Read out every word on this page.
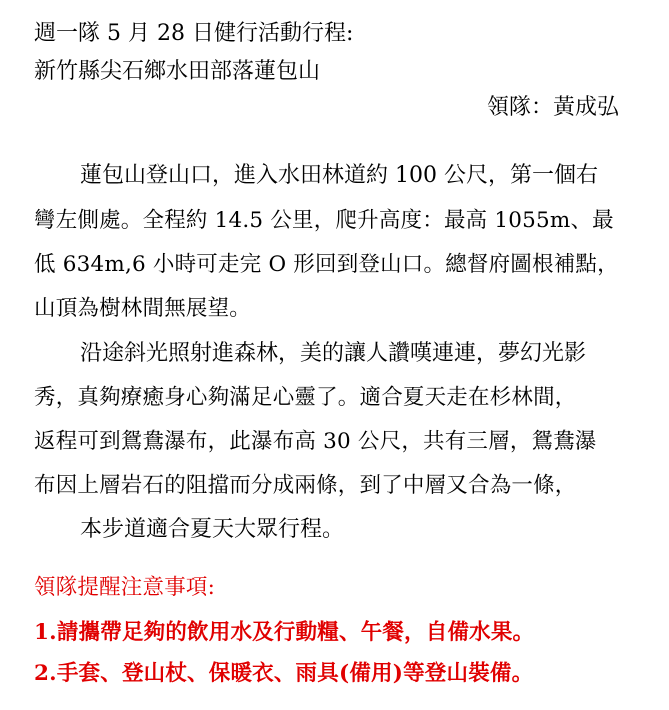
週一隊 5 月 28 日健行活動行程:
新竹縣尖石鄉水田部落蓮包山
領隊：黃成弘
蓮包山登山口，進入水田林道約 100 公尺，第一個右
彎左側處。全程約 14.5 公里，爬升高度：最高 1055m、最
低 634m,6 小時可走完 O 形回到登山口。總督府圖根補點，
山頂為樹林間無展望。
沿途斜光照射進森林，美的讓人讚嘆連連，夢幻光影
秀，真夠療癒身心夠滿足心靈了。適合夏天走在杉林間，
返程可到鴛鴦瀑布，此瀑布高 30 公尺，共有三層，鴛鴦瀑
布因上層岩石的阻擋而分成兩條，到了中層又合為一條，
本步道適合夏天大眾行程。
領隊提醒注意事項:
1.請攜帶足夠的飲用水及行動糧、午餐，自備水果。
2.手套、登山杖、保暖衣、雨具(備用)等登山裝備。
